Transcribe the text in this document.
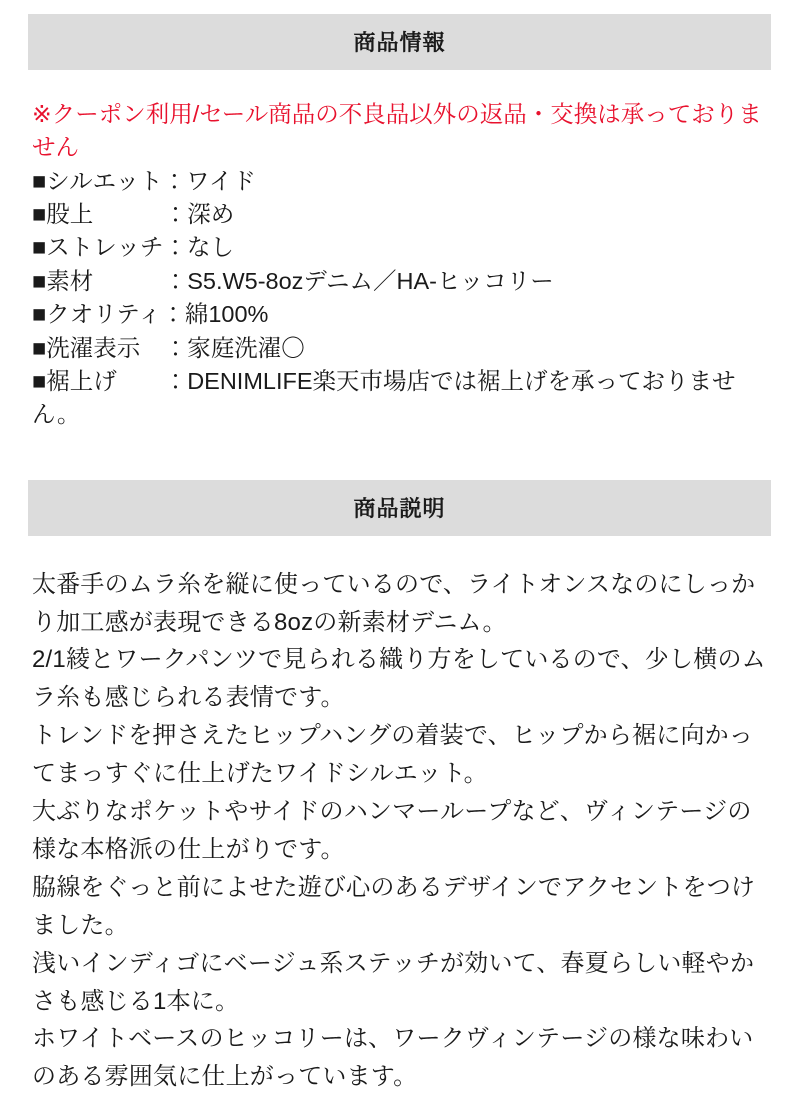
商品情報
※クーポン利用/セール商品の不良品以外の返品・交換は承っておりません
■シルエット：ワイド
■股上　　　：深め
■ストレッチ：なし
■素材　　　：S5.W5-8ozデニム／HA-ヒッコリー
■クオリティ：綿100%
■洗濯表示　：家庭洗濯〇
■裾上げ　　：DENIMLIFE楽天市場店では裾上げを承っておりません。
商品説明

太番手のムラ糸を縦に使っているので、ライトオンスなのにしっかり加工感が表現できる8ozの新素材デニム。

2/1綾とワークパンツで見られる織り方をしているので、少し横のムラ糸も感じられる表情です。

トレンドを押さえたヒップハングの着装で、ヒップから裾に向かってまっすぐに仕上げたワイドシルエット。

大ぶりなポケットやサイドのハンマーループなど、ヴィンテージの様な本格派の仕上がりです。

脇線をぐっと前によせた遊び心のあるデザインでアクセントをつけました。

浅いインディゴにベージュ系ステッチが効いて、春夏らしい軽やかさも感じる1本に。

ホワイトベースのヒッコリーは、ワークヴィンテージの様な味わいのある雰囲気に仕上がっています。
